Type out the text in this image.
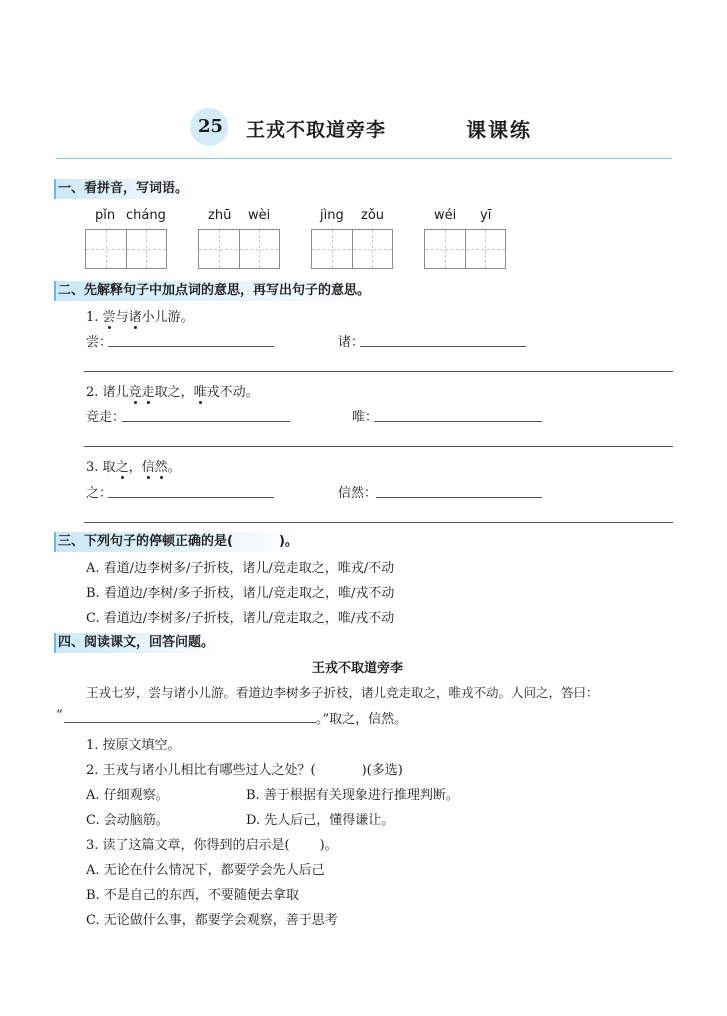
25 王戎不取道旁李	课课练
一、看拼音，写词语。
pǐn cháng	zhū wèi	jìng zǒu	wéi yī
二、先解释句子中加点词的意思，再写出句子的意思。
1. 尝与诸小儿游。
尝：	诸：
2. 诸儿竞走取之，唯戎不动。
竞走：	唯：
3. 取之，信然。
之：	信然：
三、下列句子的停顿正确的是(	)。
A. 看道/边李树多/子折枝，诸儿/竞走取之，唯戎/不动
B. 看道边/李树/多子折枝，诸儿/竞走取之，唯/戎不动
C. 看道边/李树多/子折枝，诸儿/竞走取之，唯/戎不动
四、阅读课文，回答问题。
王戎不取道旁李
王戎七岁，尝与诸小儿游。看道边李树多子折枝，诸儿竞走取之，唯戎不动。人问之，答曰：
“	。”取之，信然。
1. 按原文填空。
2. 王戎与诸小儿相比有哪些过人之处？(	)(多选)
A. 仔细观察。	B. 善于根据有关现象进行推理判断。
C. 会动脑筋。	D. 先人后己，懂得谦让。
3. 读了这篇文章，你得到的启示是( )。
A. 无论在什么情况下，都要学会先人后己
B. 不是自己的东西，不要随便去拿取
C. 无论做什么事，都要学会观察，善于思考
